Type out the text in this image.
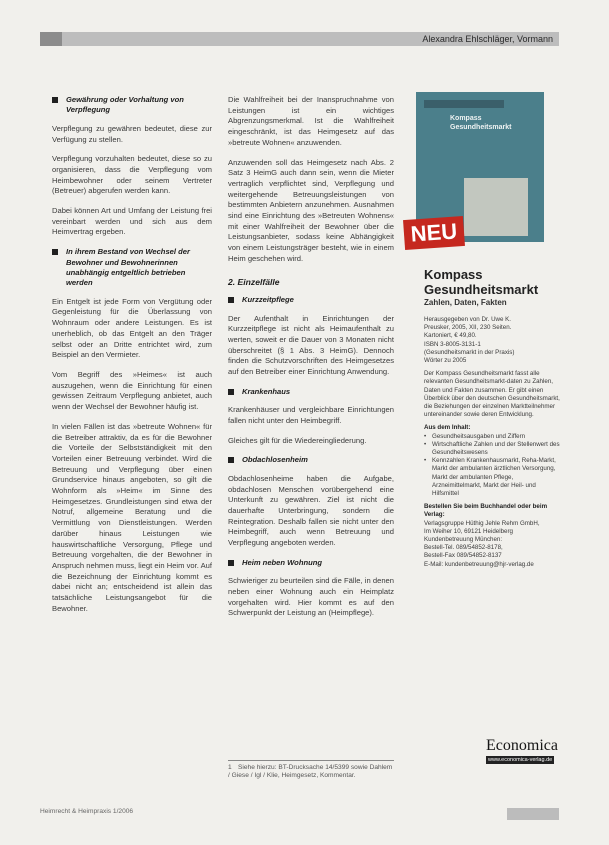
Alexandra Ehlschläger, Vormann
Gewährung oder Vorhaltung von Verpflegung

Verpflegung zu gewähren bedeutet, diese zur Verfügung zu stellen.

Verpflegung vorzuhalten bedeutet, diese so zu organisieren, dass die Verpflegung vom Heimbewohner oder seinem Vertreter (Betreuer) abgerufen werden kann.

Dabei können Art und Umfang der Leistung frei vereinbart werden und sich aus dem Heimvertrag ergeben.

In ihrem Bestand von Wechsel der Bewohner und Bewohnerinnen unabhängig entgeltlich betrieben werden

Ein Entgelt ist jede Form von Vergütung oder Gegenleistung für die Überlassung von Wohnraum oder andere Leistungen. Es ist unerheblich, ob das Entgelt an den Träger selbst oder an Dritte entrichtet wird, zum Beispiel an den Vermieter.

Vom Begriff des »Heimes« ist auch auszugehen, wenn die Einrichtung für einen gewissen Zeitraum Verpflegung anbietet, auch wenn der Wechsel der Bewohner häufig ist.

In vielen Fällen ist das »betreute Wohnen« für die Betreiber attraktiv, da es für die Bewohner die Vorteile der Selbstständigkeit mit den Vorteilen einer Betreuung verbindet. Wird die Betreuung und Verpflegung über einen Grundservice hinaus angeboten, so gilt die Wohnform als »Heim« im Sinne des Heimgesetzes. Grundleistungen sind etwa der Notruf, allgemeine Beratung und die Vermittlung von Dienstleistungen. Werden darüber hinaus Leistungen wie hauswirtschaftliche Versorgung, Pflege und Betreuung vorgehalten, die der Bewohner in Anspruch nehmen muss, liegt ein Heim vor. Auf die Bezeichnung der Einrichtung kommt es dabei nicht an; entscheidend ist allein das tatsächliche Leistungsangebot für die Bewohner.

Die Wahlfreiheit bei der Inanspruchnahme von Leistungen ist ein wichtiges Abgrenzungsmerkmal. Ist die Wahlfreiheit eingeschränkt, ist das Heimgesetz auf das »betreute Wohnen« anzuwenden.

Anzuwenden soll das Heimgesetz nach Abs. 2 Satz 3 HeimG auch dann sein, wenn die Mieter vertraglich verpflichtet sind, Verpflegung und weitergehende Betreuungsleistungen von bestimmten Anbietern anzunehmen. Ausnahmen sind eine Einrichtung des »Betreuten Wohnens« mit einer Wahlfreiheit der Bewohner über die Leistungsanbieter, sodass keine Abhängigkeit von einem Leistungsträger besteht, wie in einem Heim geschehen wird.

2. Einzelfälle
Kurzzeitpflege

Der Aufenthalt in Einrichtungen der Kurzzeitpflege ist nicht als Heimaufenthalt zu werten, soweit er die Dauer von 3 Monaten nicht überschreitet (§ 1 Abs. 3 HeimG). Dennoch finden die Schutzvorschriften des Heimgesetzes auf den Betreiber einer Einrichtung Anwendung.

Krankenhaus

Krankenhäuser und vergleichbare Einrichtungen fallen nicht unter den Heimbegriff.

Gleiches gilt für die Wiedereingliederung.

Obdachlosenheim

Obdachlosenheime haben die Aufgabe, obdachlosen Menschen vorübergehend eine Unterkunft zu gewähren. Ziel ist nicht die dauerhafte Unterbringung, sondern die Reintegration. Deshalb fallen sie nicht unter den Heimbegriff, auch wenn Betreuung und Verpflegung angeboten werden.

Heim neben Wohnung

Schwieriger zu beurteilen sind die Fälle, in denen neben einer Wohnung auch ein Heimplatz vorgehalten wird. Hier kommt es auf den Schwerpunkt der Leistung an (Heimpflege).

1 Siehe hierzu: BT-Drucksache 14/5399 sowie Dahlem / Giese / Igl / Klie, Heimgesetz, Kommentar.
Kompass Gesundheitsmarkt
NEU
Kompass Gesundheitsmarkt
Zahlen, Daten, Fakten
Herausgegeben von Dr. Uwe K.
Preusker, 2005, XII, 230 Seiten.
Kartoniert, € 49,80.
ISBN 3-8005-3131-1
(Gesundheitsmarkt in der Praxis)
Wörter zu 2005
Der Kompass Gesundheitsmarkt fasst alle relevanten Gesundheitsmarkt-daten zu Zahlen, Daten und Fakten zusammen. Er gibt einen Überblick über den deutschen Gesundheitsmarkt, die Beziehungen der einzelnen Marktteilnehmer untereinander sowie deren Entwicklung.
Aus dem Inhalt:
• Gesundheitsausgaben und Ziffern
• Wirtschaftliche Zahlen und der Stellenwert des Gesundheitswesens
• Kennzahlen Krankenhausmarkt, Reha-Markt, Markt der ambulanten ärztlichen Versorgung, Markt der ambulanten Pflege, Arzneimittelmarkt, Markt der Heil- und Hilfsmittel
Bestellen Sie beim Buchhandel oder beim Verlag:
Verlagsgruppe Hüthig Jehle Rehm GmbH,
Im Weiher 10, 69121 Heidelberg
Kundenbetreuung München:
Bestell-Tel. 089/54852-8178,
Bestell-Fax 089/54852-8137
E-Mail: kundenbetreuung@hjr-verlag.de
Economica
www.economica-verlag.de
Heimrecht & Heimpraxis 1/2006
